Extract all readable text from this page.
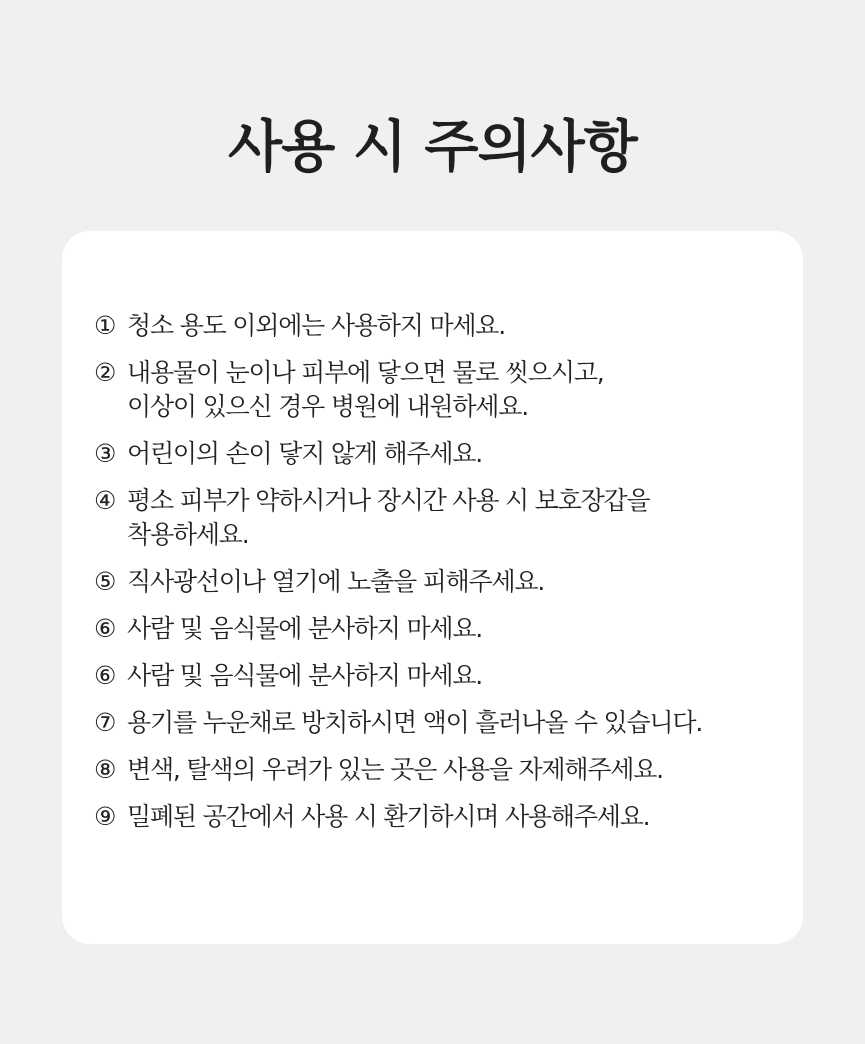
사용 시 주의사항
① 청소 용도 이외에는 사용하지 마세요.
② 내용물이 눈이나 피부에 닿으면 물로 씻으시고,
이상이 있으신 경우 병원에 내원하세요.
③ 어린이의 손이 닿지 않게 해주세요.
④ 평소 피부가 약하시거나 장시간 사용 시 보호장갑을
착용하세요.
⑤ 직사광선이나 열기에 노출을 피해주세요.
⑥ 사람 및 음식물에 분사하지 마세요.
⑥ 사람 및 음식물에 분사하지 마세요.
⑦ 용기를 누운채로 방치하시면 액이 흘러나올 수 있습니다.
⑧ 변색, 탈색의 우려가 있는 곳은 사용을 자제해주세요.
⑨ 밀폐된 공간에서 사용 시 환기하시며 사용해주세요.
